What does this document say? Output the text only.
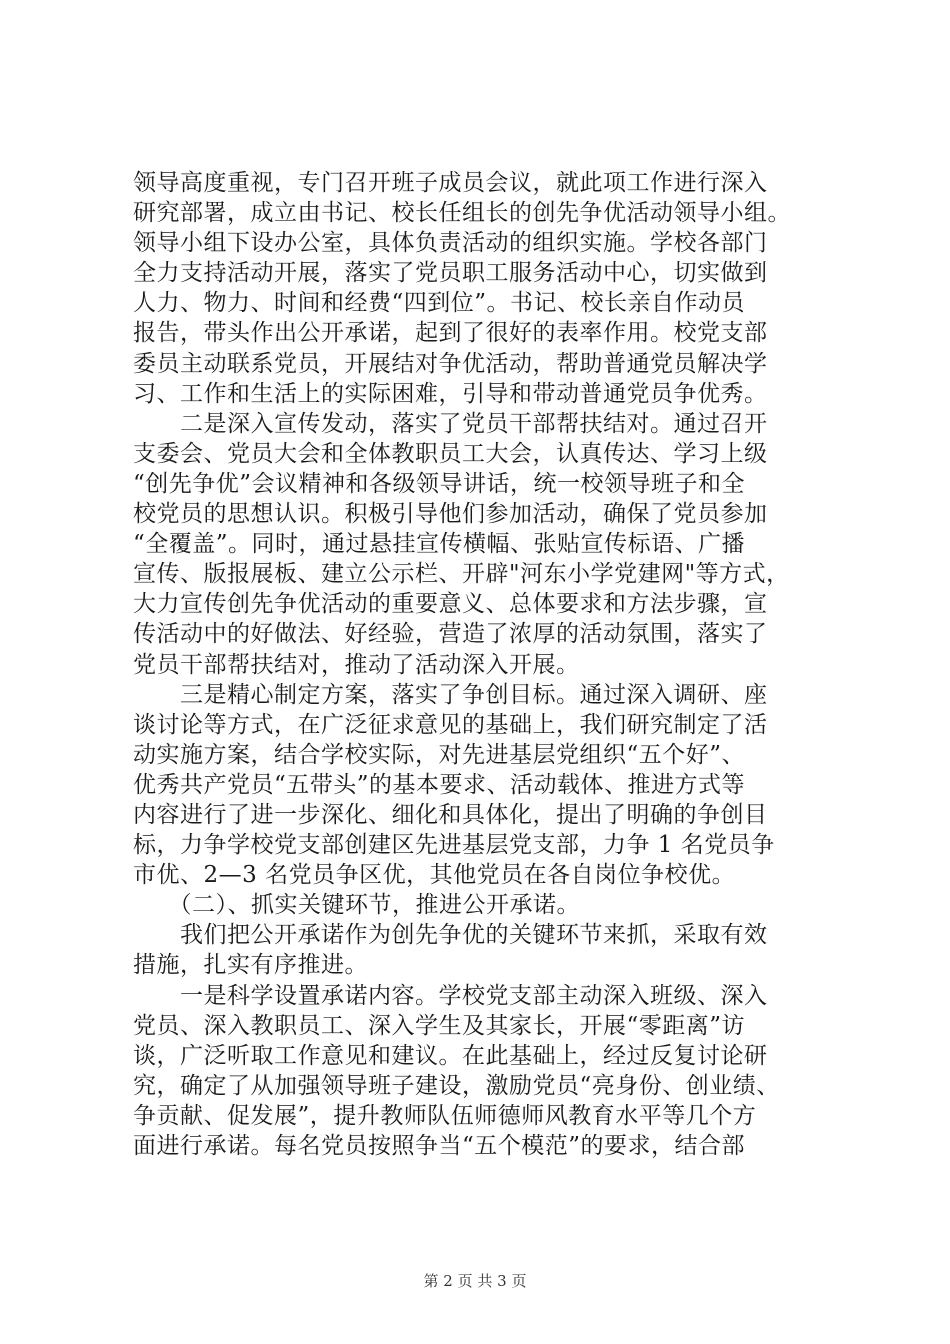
领导高度重视，专门召开班子成员会议，就此项工作进行深入
研究部署，成立由书记、校长任组长的创先争优活动领导小组。
领导小组下设办公室，具体负责活动的组织实施。学校各部门
全力支持活动开展，落实了党员职工服务活动中心，切实做到
人力、物力、时间和经费“四到位”。书记、校长亲自作动员
报告，带头作出公开承诺，起到了很好的表率作用。校党支部
委员主动联系党员，开展结对争优活动，帮助普通党员解决学
习、工作和生活上的实际困难，引导和带动普通党员争优秀。
　　二是深入宣传发动，落实了党员干部帮扶结对。通过召开
支委会、党员大会和全体教职员工大会，认真传达、学习上级
“创先争优”会议精神和各级领导讲话，统一校领导班子和全
校党员的思想认识。积极引导他们参加活动，确保了党员参加
“全覆盖”。同时，通过悬挂宣传横幅、张贴宣传标语、广播
宣传、版报展板、建立公示栏、开辟"河东小学党建网"等方式，
大力宣传创先争优活动的重要意义、总体要求和方法步骤，宣
传活动中的好做法、好经验，营造了浓厚的活动氛围，落实了
党员干部帮扶结对，推动了活动深入开展。
　　三是精心制定方案，落实了争创目标。通过深入调研、座
谈讨论等方式，在广泛征求意见的基础上，我们研究制定了活
动实施方案，结合学校实际，对先进基层党组织“五个好”、
优秀共产党员“五带头”的基本要求、活动载体、推进方式等
内容进行了进一步深化、细化和具体化，提出了明确的争创目
标，力争学校党支部创建区先进基层党支部，力争 1 名党员争
市优、2—3 名党员争区优，其他党员在各自岗位争校优。
　　（二）、抓实关键环节，推进公开承诺。
　　我们把公开承诺作为创先争优的关键环节来抓，采取有效
措施，扎实有序推进。
　　一是科学设置承诺内容。学校党支部主动深入班级、深入
党员、深入教职员工、深入学生及其家长，开展“零距离”访
谈，广泛听取工作意见和建议。在此基础上，经过反复讨论研
究，确定了从加强领导班子建设，激励党员“亮身份、创业绩、
争贡献、促发展”，提升教师队伍师德师风教育水平等几个方
面进行承诺。每名党员按照争当“五个模范”的要求，结合部
第 2 页 共 3 页
